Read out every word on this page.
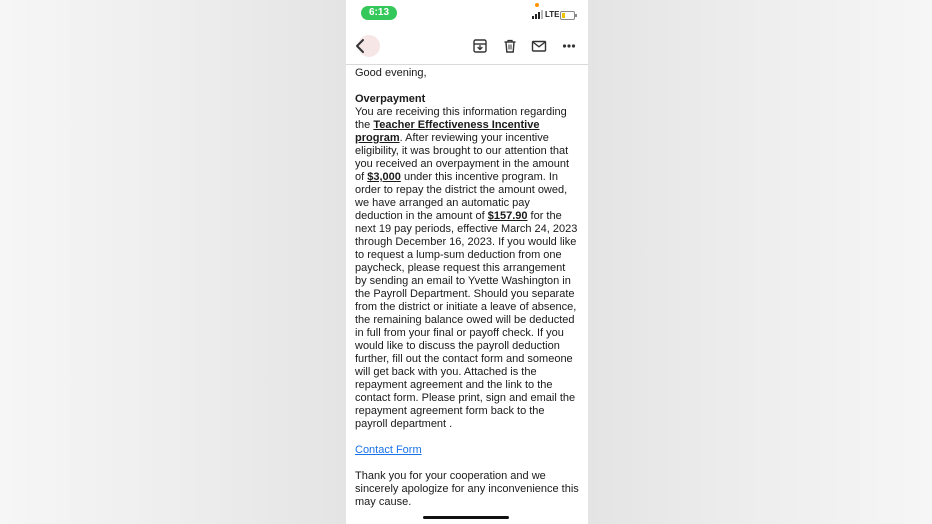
6:13	LTE

Good evening,

Overpayment

You are receiving this information regarding the Teacher Effectiveness Incentive program. After reviewing your incentive eligibility, it was brought to our attention that you received an overpayment in the amount of $3,000 under this incentive program. In order to repay the district the amount owed, we have arranged an automatic pay deduction in the amount of $157.90 for the next 19 pay periods, effective March 24, 2023 through December 16, 2023. If you would like to request a lump-sum deduction from one paycheck, please request this arrangement by sending an email to Yvette Washington in the Payroll Department. Should you separate from the district or initiate a leave of absence, the remaining balance owed will be deducted in full from your final or payoff check. If you would like to discuss the payroll deduction further, fill out the contact form and someone will get back with you. Attached is the repayment agreement and the link to the contact form. Please print, sign and email the repayment agreement form back to the payroll department .

Contact Form

Thank you for your cooperation and we sincerely apologize for any inconvenience this may cause.
